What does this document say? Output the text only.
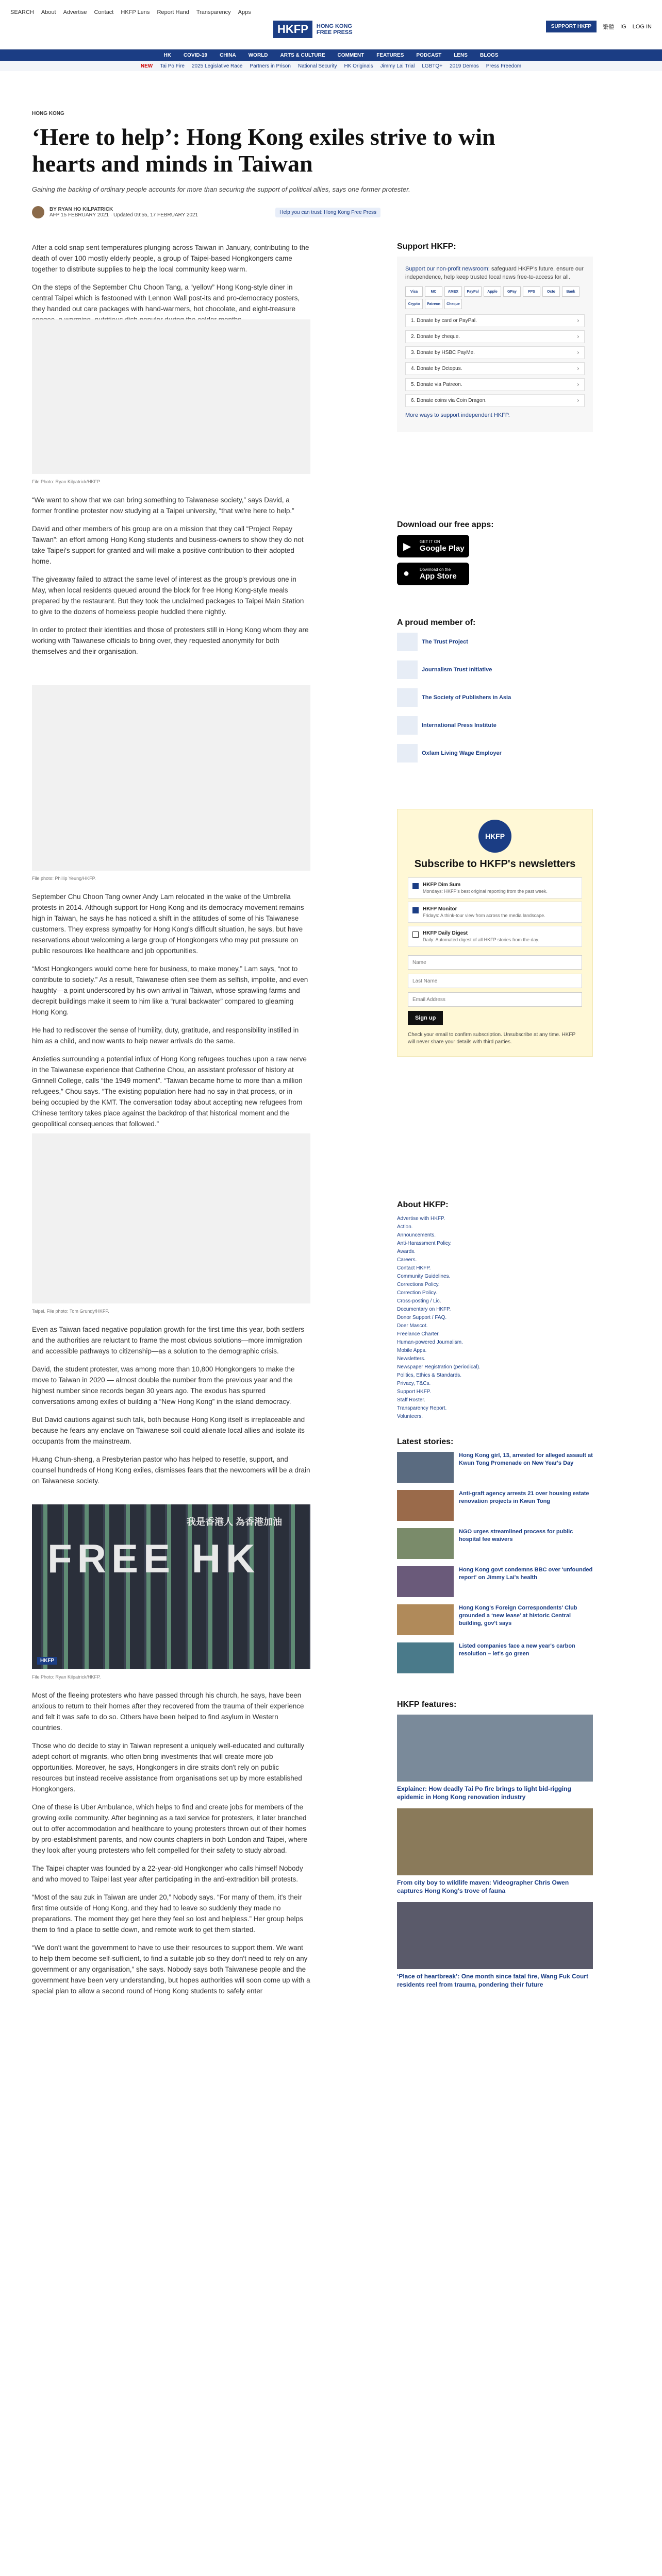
SEARCH About Advertise Contact HKFP Lens Report Hand Transparency Apps
HKFP	HONG KONG
FREE PRESS
SUPPORT HKFP	繁體 IG LOG IN
HK COVID-19 CHINA WORLD ARTS & CULTURE COMMENT FEATURES PODCAST LENS BLOGS
NEW Tai Po Fire 2025 Legislative Race Partners in Prison National Security HK Originals Jimmy Lai Trial LGBTQ+ 2019 Demos Press Freedom
HONG KONG
‘Here to help’: Hong Kong exiles strive to win hearts and minds in Taiwan
Gaining the backing of ordinary people accounts for more than securing the support of political allies, says one former protester.
BY RYAN HO KILPATRICK
AFP 15 FEBRUARY 2021 · Updated 09:55, 17 FEBRUARY 2021	Help you can trust: Hong Kong Free Press

After a cold snap sent temperatures plunging across Taiwan in January, contributing to the death of over 100 mostly elderly people, a group of Taipei-based Hongkongers came together to distribute supplies to help the local community keep warm.

On the steps of the September Chu Choon Tang, a “yellow” Hong Kong-style diner in central Taipei which is festooned with Lennon Wall post-its and pro-democracy posters, they handed out care packages with hand-warmers, hot chocolate, and eight-treasure

File Photo: Ryan Kilpatrick/HKFP.

“We want to show that we can bring something to Taiwanese society,” says David, a former frontline protester now studying at a Taipei university, “that we're here to help.”

David and other members of his group are on a mission that they call “Project Repay Taiwan”: an effort among Hong Kong students and business-owners to show they do not take Taipei's support for granted and will make a positive contribution to their adopted home.

The giveaway failed to attract the same level of interest as the group's previous one in May, when local residents queued around the block for free Hong Kong-style meals prepared by the restaurant. But they took the unclaimed packages to Taipei Main Station to give to the dozens of homeless people huddled there nightly.

In order to protect their identities and those of protesters still in Hong Kong whom they are working with Taiwanese officials to bring over, they requested anonymity for both themselves and their organisation.

File photo: Phillip Yeung/HKFP.

September Chu Choon Tang owner Andy Lam relocated in the wake of the Umbrella protests in 2014. Although support for Hong Kong and its democracy movement remains high in Taiwan, he says he has noticed a shift in the attitudes of some of his Taiwanese customers. They express sympathy for Hong Kong's difficult situation, he says, but have reservations about welcoming a large group of Hongkongers who may put pressure on public resources like healthcare and job opportunities.

“Most Hongkongers would come here for business, to make money,” Lam says, “not to contribute to society.” As a result, Taiwanese often see them as selfish, impolite, and even haughty—a point underscored by his own arrival in Taiwan, whose sprawling farms and decrepit buildings make it seem to him like a “rural backwater” compared to gleaming Hong Kong.

He had to rediscover the sense of humility, duty, gratitude, and responsibility instilled in him as a child, and now wants to help newer arrivals do the same.

Anxieties surrounding a potential influx of Hong Kong refugees touches upon a raw nerve in the Taiwanese experience that Catherine Chou, an assistant professor of history at Grinnell College, calls “the 1949 moment”. “Taiwan became home to more than a million refugees,” Chou says. “The existing population here had no say in that process, or in being occupied by the KMT. The conversation today about accepting new refugees from Chinese territory takes place against the backdrop of that historical moment and the geopolitical consequences that followed.”

Taipei. File photo: Tom Grundy/HKFP.

Even as Taiwan faced negative population growth for the first time this year, both settlers and the authorities are reluctant to frame the most obvious solutions—more immigration and accessible pathways to citizenship—as a solution to the demographic crisis.

David, the student protester, was among more than 10,800 Hongkongers to make the move to Taiwan in 2020 — almost double the number from the previous year and the highest number since records began 30 years ago. The exodus has spurred conversations among exiles of building a “New Hong Kong” in the island democracy.

But David cautions against such talk, both because Hong Kong itself is irreplaceable and because he fears any enclave on Taiwanese soil could alienate local allies and isolate its occupants from the mainstream.

Huang Chun-sheng, a Presbyterian pastor who has helped to resettle, support, and counsel hundreds of Hong Kong exiles, dismisses fears that the newcomers will be a drain on Taiwanese society.

FREE HK
我是香港人 為香港加油
HKFP
File Photo: Ryan Kilpatrick/HKFP.

Most of the fleeing protesters who have passed through his church, he says, have been anxious to return to their homes after they recovered from the trauma of their experience and felt it was safe to do so. Others have been helped to find asylum in Western countries.

Those who do decide to stay in Taiwan represent a uniquely well-educated and culturally adept cohort of migrants, who often bring investments that will create more job opportunities. Moreover, he says, Hongkongers in dire straits don't rely on public resources but instead receive assistance from organisations set up by more established Hongkongers.

One of these is Uber Ambulance, which helps to find and create jobs for members of the growing exile community. After beginning as a taxi service for protesters, it later branched out to offer accommodation and healthcare to young protesters thrown out of their homes by pro-establishment parents, and now counts chapters in both London and Taipei, where they look after young protesters who felt compelled for their safety to study abroad.

The Taipei chapter was founded by a 22-year-old Hongkonger who calls himself Nobody and who moved to Taipei last year after participating in the anti-extradition bill protests.

“Most of the sau zuk in Taiwan are under 20,” Nobody says. “For many of them, it's their first time outside of Hong Kong, and they had to leave so suddenly they made no preparations. The moment they get here they feel so lost and helpless.” Her group helps them to find a place to settle down, and remote work to get them started.

“We don't want the government to have to use their resources to support them. We want to help them become self-sufficient, to find a suitable job so they don't need to rely on any government or any organisation,” she says. Nobody says both Taiwanese people and the government have been very understanding, but hopes authorities will soon come up with a special plan to allow a second round of Hong Kong students to safely enter

Support HKFP:

Support our non-profit newsroom: safeguard HKFP's future, ensure our independence, help keep trusted local news free-to-access for all.

Visa	MC	AMEX	PayPal	Apple	GPay	FPS	Octo	Bank
Crypto	Patreon	Cheque
1. Donate by card or PayPal.	›
2. Donate by cheque.	›
3. Donate by HSBC PayMe.	›
4. Donate by Octopus.	›
5. Donate via Patreon.	›
6. Donate coins via Coin Dragon.	›

More ways to support independent HKFP.

Download our free apps:
▶ GET IT ON
Google Play
● Download on the
App Store
A proud member of:
The Trust Project
Journalism Trust Initiative
The Society of Publishers in Asia
International Press Institute
Oxfam Living Wage Employer
HKFP
Subscribe to HKFP's newsletters
HKFP Dim Sum
Mondays: HKFP's best original reporting from the past week.
HKFP Monitor
Fridays: A think-tour view from across the media landscape.
HKFP Daily Digest
Daily: Automated digest of all HKFP stories from the day.
Name Last Name Email Address Sign up

Check your email to confirm subscription. Unsubscribe at any time. HKFP will never share your details with third parties.

About HKFP:
Advertise with HKFP.
Action.
Announcements.
Anti-Harassment Policy.
Awards.
Careers.
Contact HKFP.
Community Guidelines.
Corrections Policy.
Correction Policy.
Cross-posting / Lic.
Documentary on HKFP.
Donor Support / FAQ.
Doer Mascot.
Freelance Charter.
Human-powered Journalism.
Mobile Apps.
Newsletters.
Newspaper Registration (periodical).
Politics, Ethics & Standards.
Privacy, T&Cs.
Support HKFP.
Staff Roster.
Transparency Report.
Volunteers.
Latest stories:
Hong Kong girl, 13, arrested for alleged assault at Kwun Tong Promenade on New Year's Day
Anti-graft agency arrests 21 over housing estate renovation projects in Kwun Tong
NGO urges streamlined process for public hospital fee waivers
Hong Kong govt condemns BBC over 'unfounded report' on Jimmy Lai's health
Hong Kong's Foreign Correspondents' Club grounded a ‘new lease’ at historic Central building, gov't says
Listed companies face a new year's carbon resolution – let's go green
HKFP features:
Explainer: How deadly Tai Po fire brings to light bid-rigging epidemic in Hong Kong renovation industry
From city boy to wildlife maven: Videographer Chris Owen captures Hong Kong's trove of fauna
‘Place of heartbreak’: One month since fatal fire, Wang Fuk Court residents reel from trauma, pondering their future
